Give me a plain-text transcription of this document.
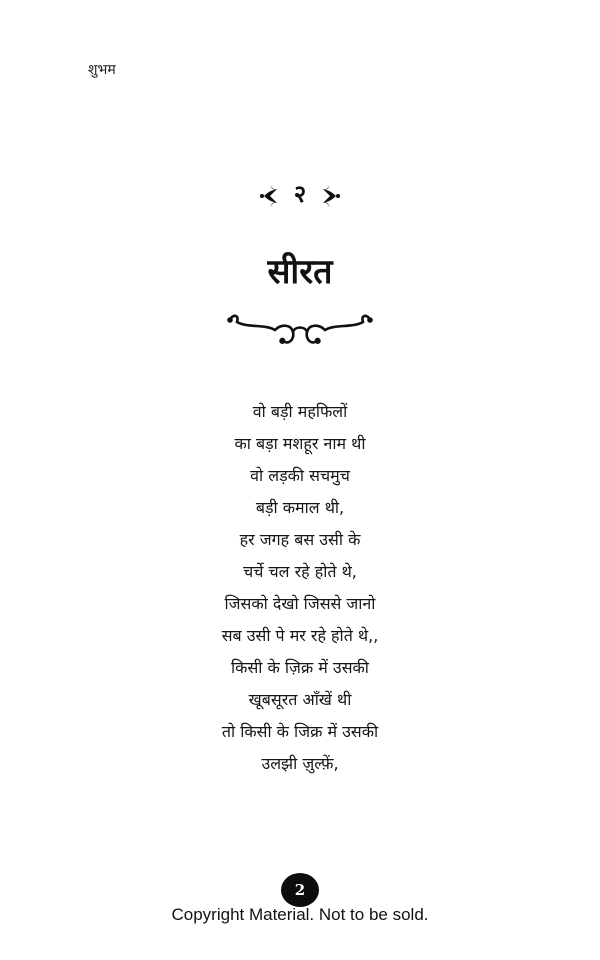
शुभम
२
सीरत
वो बड़ी महफिलों
का बड़ा मशहूर नाम थी
वो लड़की सचमुच
बड़ी कमाल थी,
हर जगह बस उसी के
चर्चे चल रहे होते थे,
जिसको देखो जिससे जानो
सब उसी पे मर रहे होते थे,,
किसी के ज़िक्र में उसकी
खूबसूरत आँखें थी
तो किसी के जिक्र में उसकी
उलझी ज़ुल्फ़ें,
2
Copyright Material. Not to be sold.
